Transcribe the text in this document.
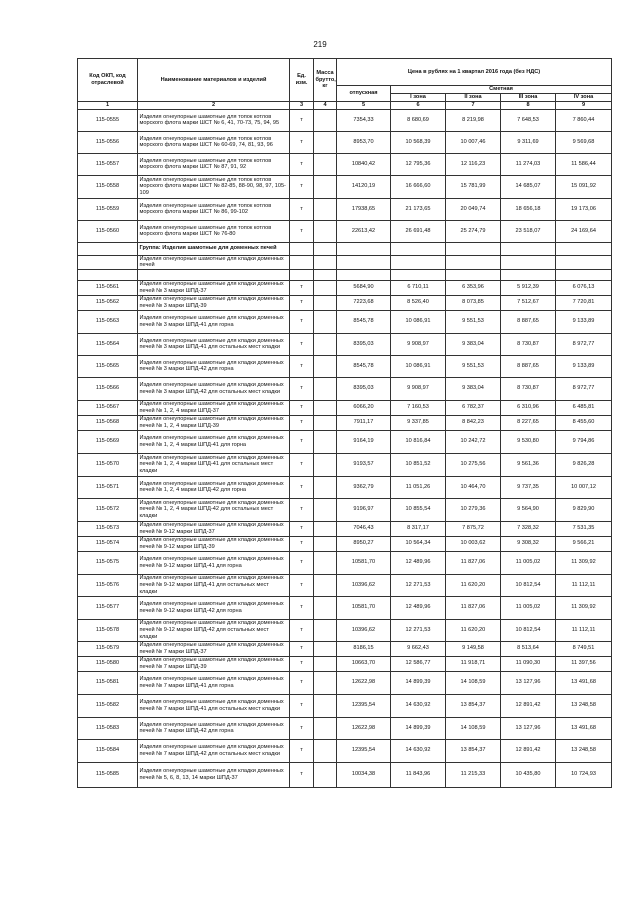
219
Код ОКП, код отраслевой	Наименование материалов и изделий	Ед. изм.	Масса брутто, кг	Цена в рублях на 1 квартал 2016 года (без НДС)				
				отпускная	Сметная			
					I зона	II зона	III зона	IV зона
1	2	3	4	5	6	7	8	9
115-0555	Изделия огнеупорные шамотные для топок котлов морского флота марки ШСТ № 6, 41, 70-73, 75, 94, 95	т		7354,33	8 680,69	8 219,98	7 648,53	7 860,44
115-0556	Изделия огнеупорные шамотные для топок котлов морского флота марки ШСТ № 60-69, 74, 81, 93, 96	т		8953,70	10 568,39	10 007,46	9 311,69	9 569,68
115-0557	Изделия огнеупорные шамотные для топок котлов морского флота марки ШСТ № 87, 91, 92	т		10840,42	12 795,36	12 116,23	11 274,03	11 586,44
115-0558	Изделия огнеупорные шамотные для топок котлов морского флота марки ШСТ № 82-85, 88-90, 98, 97, 105-109	т		14120,19	16 666,60	15 781,99	14 685,07	15 091,92
115-0559	Изделия огнеупорные шамотные для топок котлов морского флота марки ШСТ № 86, 99-102	т		17938,65	21 173,65	20 049,74	18 656,18	19 173,06
115-0560	Изделия огнеупорные шамотные для топок котлов морского флота марки ШСТ № 76-80	т		22613,42	26 691,48	25 274,79	23 518,07	24 169,64
	Группа: Изделия шамотные для доменных печей							
	Изделия огнеупорные шамотные для кладки доменных печей							

115-0561	Изделия огнеупорные шамотные для кладки доменных печей № 3 марки ШПД-37	т		5684,90	6 710,11	6 353,96	5 912,39	6 076,13
115-0562	Изделия огнеупорные шамотные для кладки доменных печей № 3 марки ШПД-39	т		7223,68	8 526,40	8 073,85	7 512,67	7 720,81
115-0563	Изделия огнеупорные шамотные для кладки доменных печей № 3 марки ШПД-41 для горна	т		8545,78	10 086,91	9 551,53	8 887,65	9 133,89
115-0564	Изделия огнеупорные шамотные для кладки доменных печей № 3 марки ШПД-41 для остальных мест кладки	т		8395,03	9 908,97	9 383,04	8 730,87	8 972,77
115-0565	Изделия огнеупорные шамотные для кладки доменных печей № 3 марки ШПД-42 для горна	т		8545,78	10 086,91	9 551,53	8 887,65	9 133,89
115-0566	Изделия огнеупорные шамотные для кладки доменных печей № 3 марки ШПД-42 для остальных мест кладки	т		8395,03	9 908,97	9 383,04	8 730,87	8 972,77
115-0567	Изделия огнеупорные шамотные для кладки доменных печей № 1, 2, 4 марки ШПД-37	т		6066,20	7 160,53	6 782,37	6 310,96	6 485,81
115-0568	Изделия огнеупорные шамотные для кладки доменных печей № 1, 2, 4 марки ШПД-39	т		7911,17	9 337,85	8 842,23	8 227,65	8 455,60
115-0569	Изделия огнеупорные шамотные для кладки доменных печей № 1, 2, 4 марки ШПД-41 для горна	т		9164,19	10 816,84	10 242,72	9 530,80	9 794,86
115-0570	Изделия огнеупорные шамотные для кладки доменных печей № 1, 2, 4 марки ШПД-41 для остальных мест кладки	т		9193,57	10 851,52	10 275,56	9 561,36	9 826,28
115-0571	Изделия огнеупорные шамотные для кладки доменных печей № 1, 2, 4 марки ШПД-42 для горна	т		9362,79	11 051,26	10 464,70	9 737,35	10 007,12
115-0572	Изделия огнеупорные шамотные для кладки доменных печей № 1, 2, 4 марки ШПД-42 для остальных мест кладки	т		9196,97	10 855,54	10 279,36	9 564,90	9 829,90
115-0573	Изделия огнеупорные шамотные для кладки доменных печей № 9-12 марки ШПД-37	т		7046,43	8 317,17	7 875,72	7 328,32	7 531,35
115-0574	Изделия огнеупорные шамотные для кладки доменных печей № 9-12 марки ШПД-39	т		8950,27	10 564,34	10 003,62	9 308,32	9 566,21
115-0575	Изделия огнеупорные шамотные для кладки доменных печей № 9-12 марки ШПД-41 для горна	т		10581,70	12 489,96	11 827,06	11 005,02	11 309,92
115-0576	Изделия огнеупорные шамотные для кладки доменных печей № 9-12 марки ШПД-41 для остальных мест кладки	т		10396,62	12 271,53	11 620,20	10 812,54	11 112,11
115-0577	Изделия огнеупорные шамотные для кладки доменных печей № 9-12 марки ШПД-42 для горна	т		10581,70	12 489,96	11 827,06	11 005,02	11 309,92
115-0578	Изделия огнеупорные шамотные для кладки доменных печей № 9-12 марки ШПД-42 для остальных мест кладки	т		10396,62	12 271,53	11 620,20	10 812,54	11 112,11
115-0579	Изделия огнеупорные шамотные для кладки доменных печей № 7 марки ШПД-37	т		8186,15	9 662,43	9 149,58	8 513,64	8 749,51
115-0580	Изделия огнеупорные шамотные для кладки доменных печей № 7 марки ШПД-39	т		10663,70	12 586,77	11 918,71	11 090,30	11 397,56
115-0581	Изделия огнеупорные шамотные для кладки доменных печей № 7 марки ШПД-41 для горна	т		12622,98	14 899,39	14 108,59	13 127,96	13 491,68
115-0582	Изделия огнеупорные шамотные для кладки доменных печей № 7 марки ШПД-41 для остальных мест кладки	т		12395,54	14 630,92	13 854,37	12 891,42	13 248,58
115-0583	Изделия огнеупорные шамотные для кладки доменных печей № 7 марки ШПД-42 для горна	т		12622,98	14 899,39	14 108,59	13 127,96	13 491,68
115-0584	Изделия огнеупорные шамотные для кладки доменных печей № 7 марки ШПД-42 для остальных мест кладки	т		12395,54	14 630,92	13 854,37	12 891,42	13 248,58
115-0585	Изделия огнеупорные шамотные для кладки доменных печей № 5, 6, 8, 13, 14 марки ШПД-37	т		10034,38	11 843,96	11 215,33	10 435,80	10 724,93
